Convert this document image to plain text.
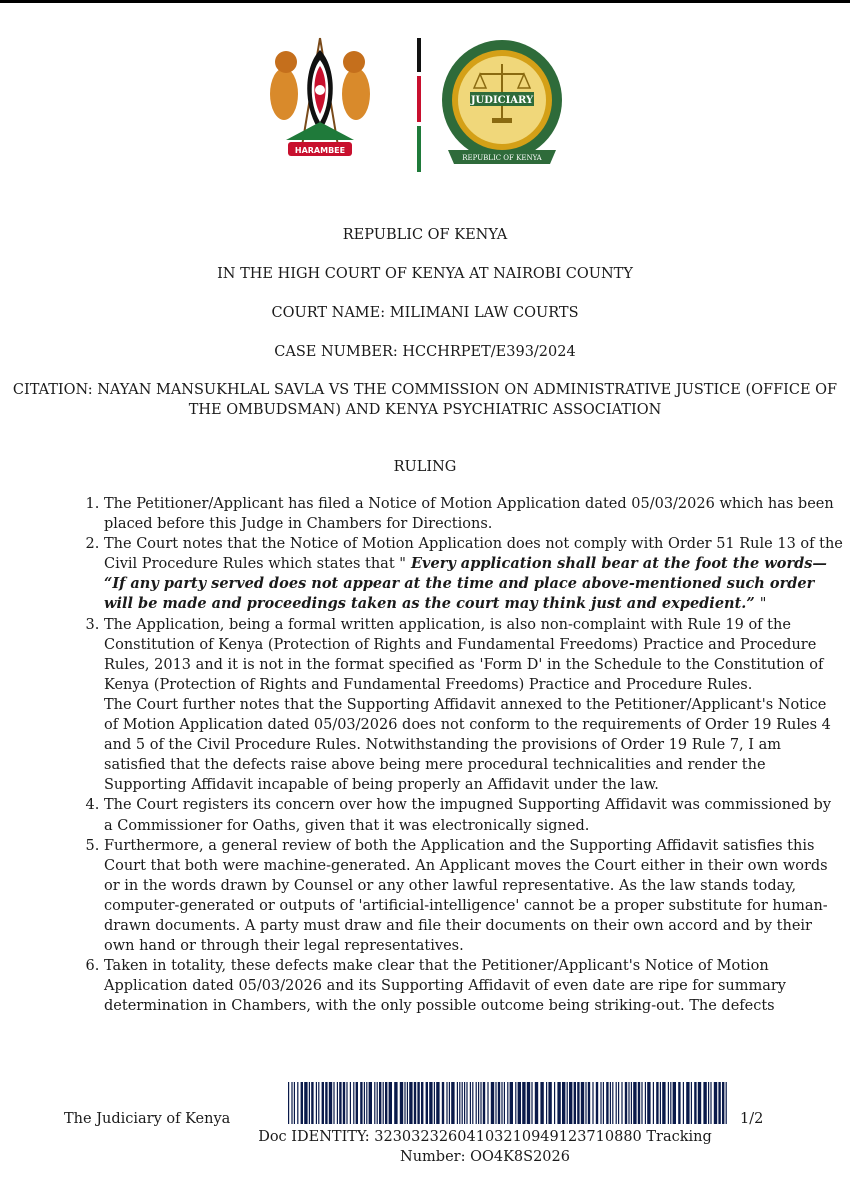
HARAMBEE
JUDICIARY
REPUBLIC OF KENYA

REPUBLIC OF KENYA

IN THE HIGH COURT OF KENYA AT NAIROBI COUNTY

COURT NAME: MILIMANI LAW COURTS

CASE NUMBER: HCCHRPET/E393/2024

CITATION: NAYAN MANSUKHLAL SAVLA VS THE COMMISSION ON ADMINISTRATIVE JUSTICE (OFFICE OF THE OMBUDSMAN) AND KENYA PSYCHIATRIC ASSOCIATION

RULING

1. The Petitioner/Applicant has filed a Notice of Motion Application dated 05/03/2026 which has been placed before this Judge in Chambers for Directions.
2. The Court notes that the Notice of Motion Application does not comply with Order 51 Rule 13 of the Civil Procedure Rules which states that " Every application shall bear at the foot the words— “If any party served does not appear at the time and place above-mentioned such order will be made and proceedings taken as the court may think just and expedient.” "
3. The Application, being a formal written application, is also non-complaint with Rule 19 of the Constitution of Kenya (Protection of Rights and Fundamental Freedoms) Practice and Procedure Rules, 2013 and it is not in the format specified as 'Form D' in the Schedule to the Constitution of Kenya (Protection of Rights and Fundamental Freedoms) Practice and Procedure Rules.
The Court further notes that the Supporting Affidavit annexed to the Petitioner/Applicant's Notice of Motion Application dated 05/03/2026 does not conform to the requirements of Order 19 Rules 4 and 5 of the Civil Procedure Rules. Notwithstanding the provisions of Order 19 Rule 7, I am satisfied that the defects raise above being mere procedural technicalities and render the Supporting Affidavit incapable of being properly an Affidavit under the law.
4. The Court registers its concern over how the impugned Supporting Affidavit was commissioned by a Commissioner for Oaths, given that it was electronically signed.
5. Furthermore, a general review of both the Application and the Supporting Affidavit satisfies this Court that both were machine-generated. An Applicant moves the Court either in their own words or in the words drawn by Counsel or any other lawful representative. As the law stands today, computer-generated or outputs of 'artificial-intelligence' cannot be a proper substitute for human-drawn documents. A party must draw and file their documents on their own accord and by their own hand or through their legal representatives.
6. Taken in totality, these defects make clear that the Petitioner/Applicant's Notice of Motion Application dated 05/03/2026 and its Supporting Affidavit of even date are ripe for summary determination in Chambers, with the only possible outcome being striking-out. The defects
The Judiciary of Kenya	1/2

Doc IDENTITY: 32303232604103210949123710880 Tracking

Number: OO4K8S2026
